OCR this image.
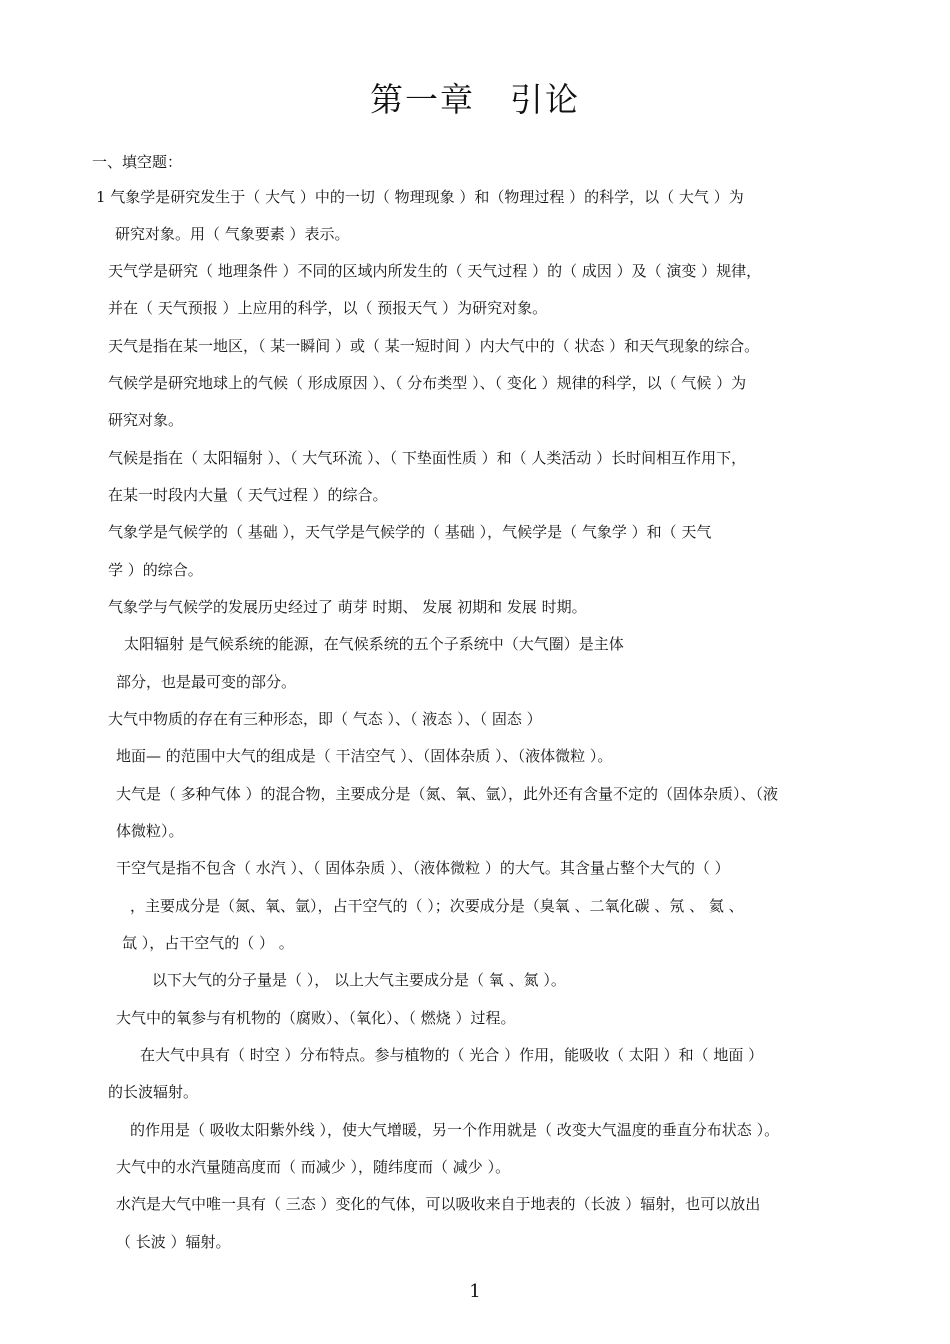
第一章　引论
一、填空题：
1 气象学是研究发生于（ 大气 ）中的一切（ 物理现象 ）和（物理过程 ）的科学，以（ 大气 ）为
研究对象。用（ 气象要素 ）表示。
天气学是研究（ 地理条件 ）不同的区域内所发生的（ 天气过程 ）的（ 成因 ）及（ 演变 ）规律，
并在（ 天气预报 ）上应用的科学，以（ 预报天气 ）为研究对象。
天气是指在某一地区，（ 某一瞬间 ）或（ 某一短时间 ）内大气中的（ 状态 ）和天气现象的综合。
气候学是研究地球上的气候（ 形成原因 ）、（ 分布类型 ）、（ 变化 ）规律的科学，以（ 气候 ）为
研究对象。
气候是指在（ 太阳辐射 ）、（ 大气环流 ）、（ 下垫面性质 ）和（ 人类活动 ）长时间相互作用下，
在某一时段内大量（ 天气过程 ）的综合。
气象学是气候学的（ 基础 ），天气学是气候学的（ 基础 ），气候学是（ 气象学 ）和（ 天气
学 ）的综合。
气象学与气候学的发展历史经过了 萌芽 时期、 发展 初期和 发展 时期。
太阳辐射 是气候系统的能源，在气候系统的五个子系统中（大气圈）是主体
部分，也是最可变的部分。
大气中物质的存在有三种形态，即（ 气态 ）、（ 液态 ）、（ 固态 ）
地面— 的范围中大气的组成是（ 干洁空气 ）、（固体杂质 ）、（液体微粒 ）。
大气是（ 多种气体 ）的混合物，主要成分是（氮、氧、氩），此外还有含量不定的（固体杂质）、（液
体微粒）。
干空气是指不包含（ 水汽 ）、（ 固体杂质 ）、（液体微粒 ）的大气。其含量占整个大气的（ ）
，主要成分是（氮、氧、氩），占干空气的（ ）；次要成分是（臭氧 、二氧化碳 、氖 、 氦 、
氙 ），占干空气的（ ） 。
以下大气的分子量是（ ）， 以上大气主要成分是（ 氧 、氮 ）。
大气中的氧参与有机物的（腐败）、（氧化）、（ 燃烧 ）过程。
在大气中具有（ 时空 ）分布特点。参与植物的（ 光合 ）作用，能吸收（ 太阳 ）和（ 地面 ）
的长波辐射。
的作用是（ 吸收太阳紫外线 ），使大气增暖，另一个作用就是（ 改变大气温度的垂直分布状态 ）。
大气中的水汽量随高度而（ 而减少 ），随纬度而（ 减少 ）。
水汽是大气中唯一具有（ 三态 ）变化的气体，可以吸收来自于地表的（长波 ）辐射，也可以放出
（ 长波 ）辐射。
1
